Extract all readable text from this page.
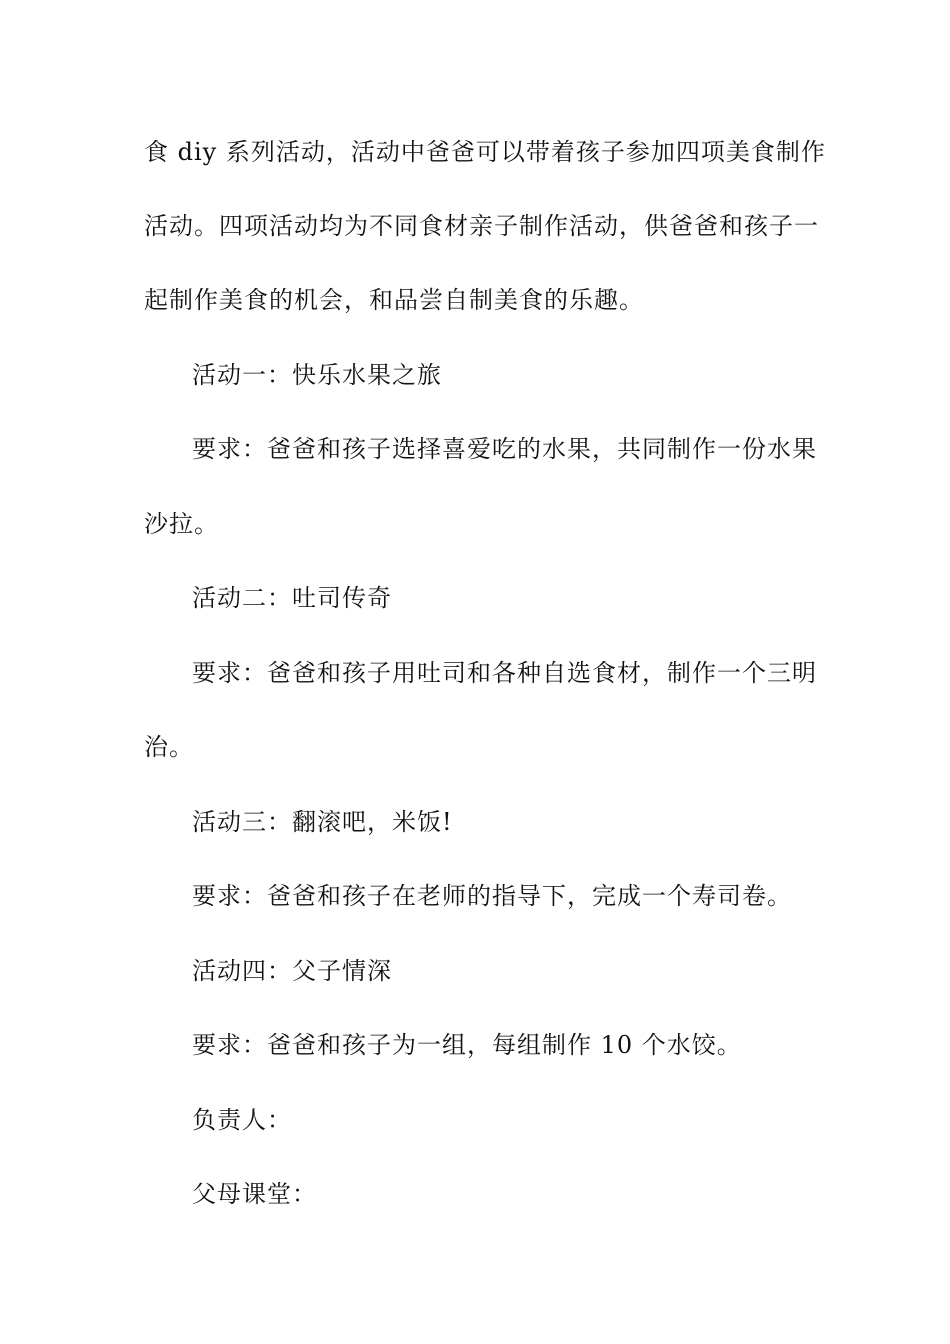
食 diy 系列活动，活动中爸爸可以带着孩子参加四项美食制作
活动。四项活动均为不同食材亲子制作活动，供爸爸和孩子一
起制作美食的机会，和品尝自制美食的乐趣。
活动一：快乐水果之旅
要求：爸爸和孩子选择喜爱吃的水果，共同制作一份水果
沙拉。
活动二：吐司传奇
要求：爸爸和孩子用吐司和各种自选食材，制作一个三明
治。
活动三：翻滚吧，米饭!
要求：爸爸和孩子在老师的指导下，完成一个寿司卷。
活动四：父子情深
要求：爸爸和孩子为一组，每组制作 10 个水饺。
负责人：
父母课堂：
